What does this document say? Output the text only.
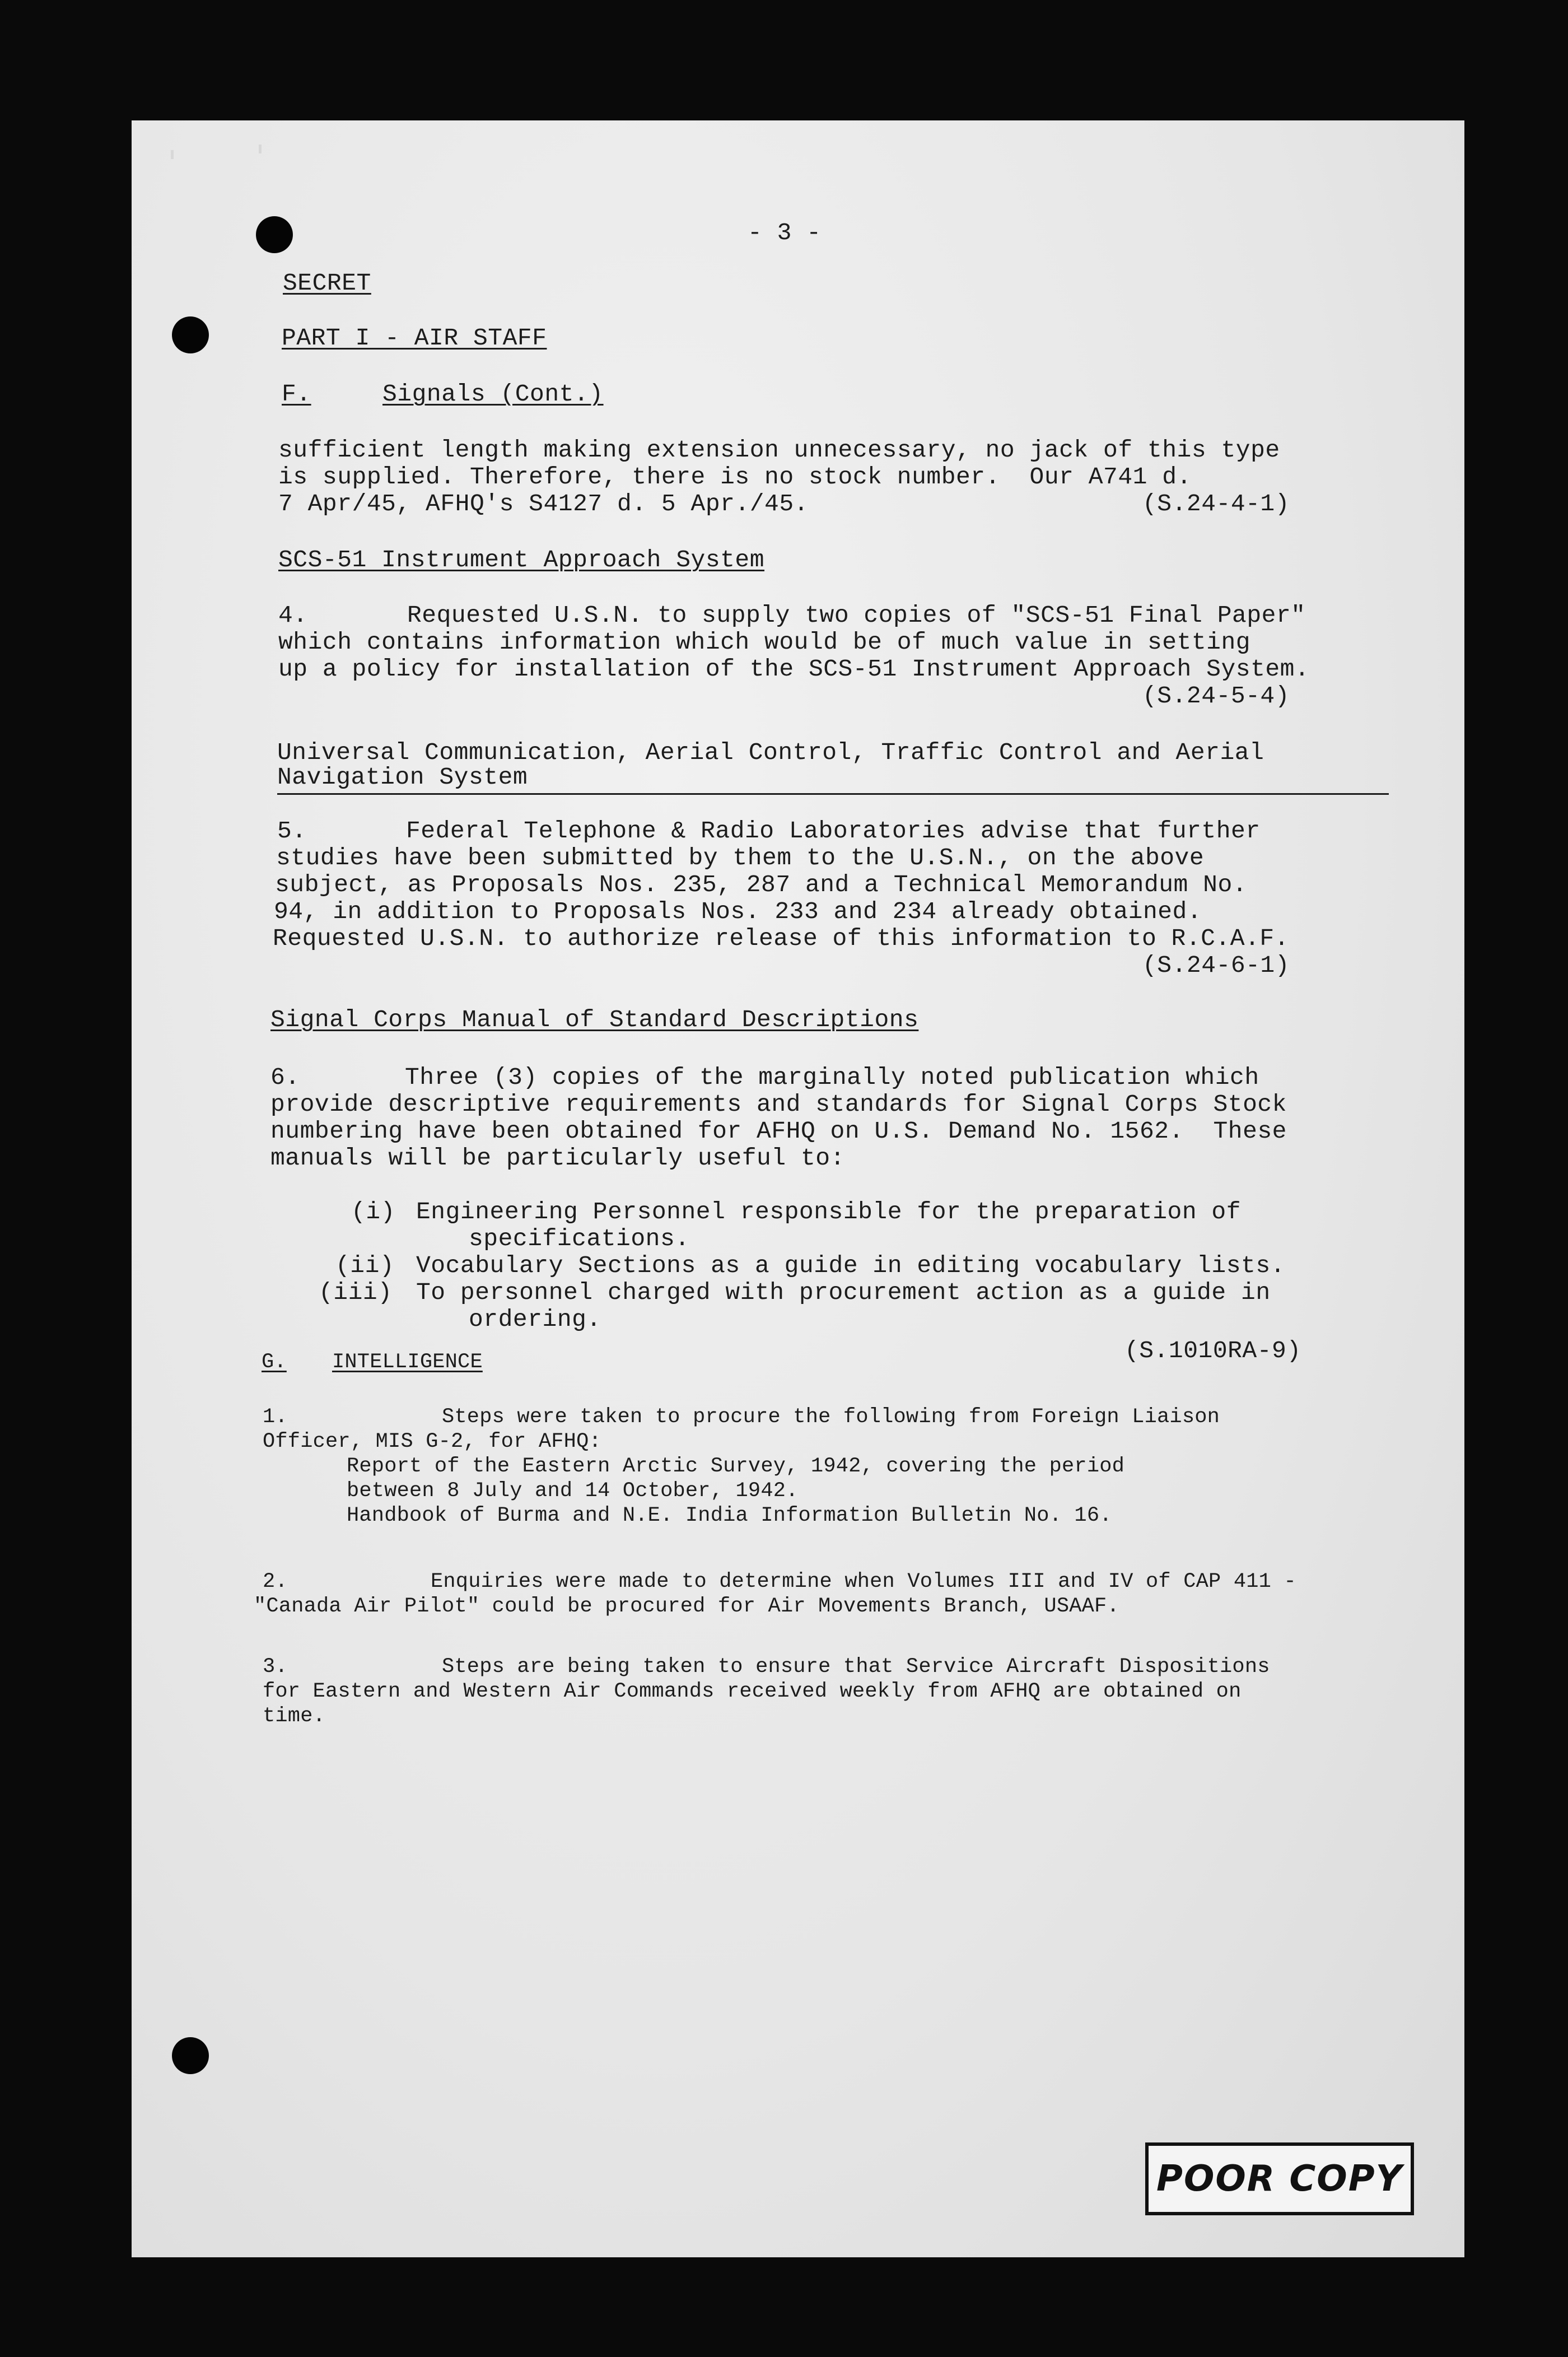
- 3 -
SECRET
PART I - AIR STAFF
F.	Signals (Cont.)
sufficient length making extension unnecessary, no jack of this type
is supplied. Therefore, there is no stock number.  Our A741 d.
7 Apr/45, AFHQ's S4127 d. 5 Apr./45.	(S.24-4-1)
SCS-51 Instrument Approach System
4.	Requested U.S.N. to supply two copies of "SCS-51 Final Paper"
which contains information which would be of much value in setting
up a policy for installation of the SCS-51 Instrument Approach System.
(S.24-5-4)
Universal Communication, Aerial Control, Traffic Control and Aerial
Navigation System
5.	Federal Telephone & Radio Laboratories advise that further
studies have been submitted by them to the U.S.N., on the above
subject, as Proposals Nos. 235, 287 and a Technical Memorandum No.
94, in addition to Proposals Nos. 233 and 234 already obtained.
Requested U.S.N. to authorize release of this information to R.C.A.F.
(S.24-6-1)
Signal Corps Manual of Standard Descriptions
6.	Three (3) copies of the marginally noted publication which
provide descriptive requirements and standards for Signal Corps Stock
numbering have been obtained for AFHQ on U.S. Demand No. 1562.  These
manuals will be particularly useful to:
(i) Engineering Personnel responsible for the preparation of
specifications.
(ii) Vocabulary Sections as a guide in editing vocabulary lists.
(iii) To personnel charged with procurement action as a guide in
ordering.
(S.1010RA-9)
G. INTELLIGENCE
1.	Steps were taken to procure the following from Foreign Liaison
Officer, MIS G-2, for AFHQ:
Report of the Eastern Arctic Survey, 1942, covering the period
between 8 July and 14 October, 1942.
Handbook of Burma and N.E. India Information Bulletin No. 16.
2.	Enquiries were made to determine when Volumes III and IV of CAP 411 -
"Canada Air Pilot" could be procured for Air Movements Branch, USAAF.
3.	Steps are being taken to ensure that Service Aircraft Dispositions
for Eastern and Western Air Commands received weekly from AFHQ are obtained on
time.
POOR COPY
